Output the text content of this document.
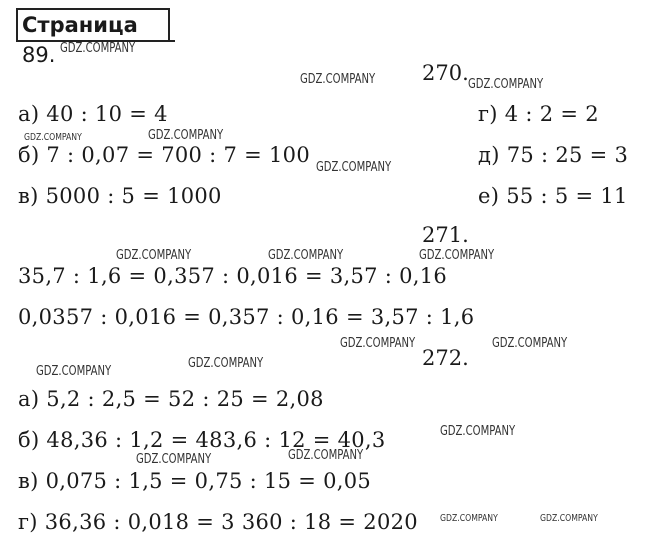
Страница 89.
270.
а) 40 : 10 = 4
б) 7 : 0,07 = 700 : 7 = 100
в) 5000 : 5 = 1000
г) 4 : 2 = 2
д) 75 : 25 = 3
е) 55 : 5 = 11
271.
35,7 : 1,6 = 0,357 : 0,016 = 3,57 : 0,16
0,0357 : 0,016 = 0,357 : 0,16 = 3,57 : 1,6
272.
а) 5,2 : 2,5 = 52 : 25 = 2,08
б) 48,36 : 1,2 = 483,6 : 12 = 40,3
в) 0,075 : 1,5 = 0,75 : 15 = 0,05
г) 36,36 : 0,018 = 3 360 : 18 = 2020
GDZ.COMPANY
GDZ.COMPANY	GDZ.COMPANY
GDZ.COMPANY	GDZ.COMPANY
GDZ.COMPANY
GDZ.COMPANY	GDZ.COMPANY	GDZ.COMPANY
GDZ.COMPANY	GDZ.COMPANY
GDZ.COMPANY
GDZ.COMPANY
GDZ.COMPANY
GDZ.COMPANY
GDZ.COMPANY
GDZ.COMPANY	GDZ.COMPANY
